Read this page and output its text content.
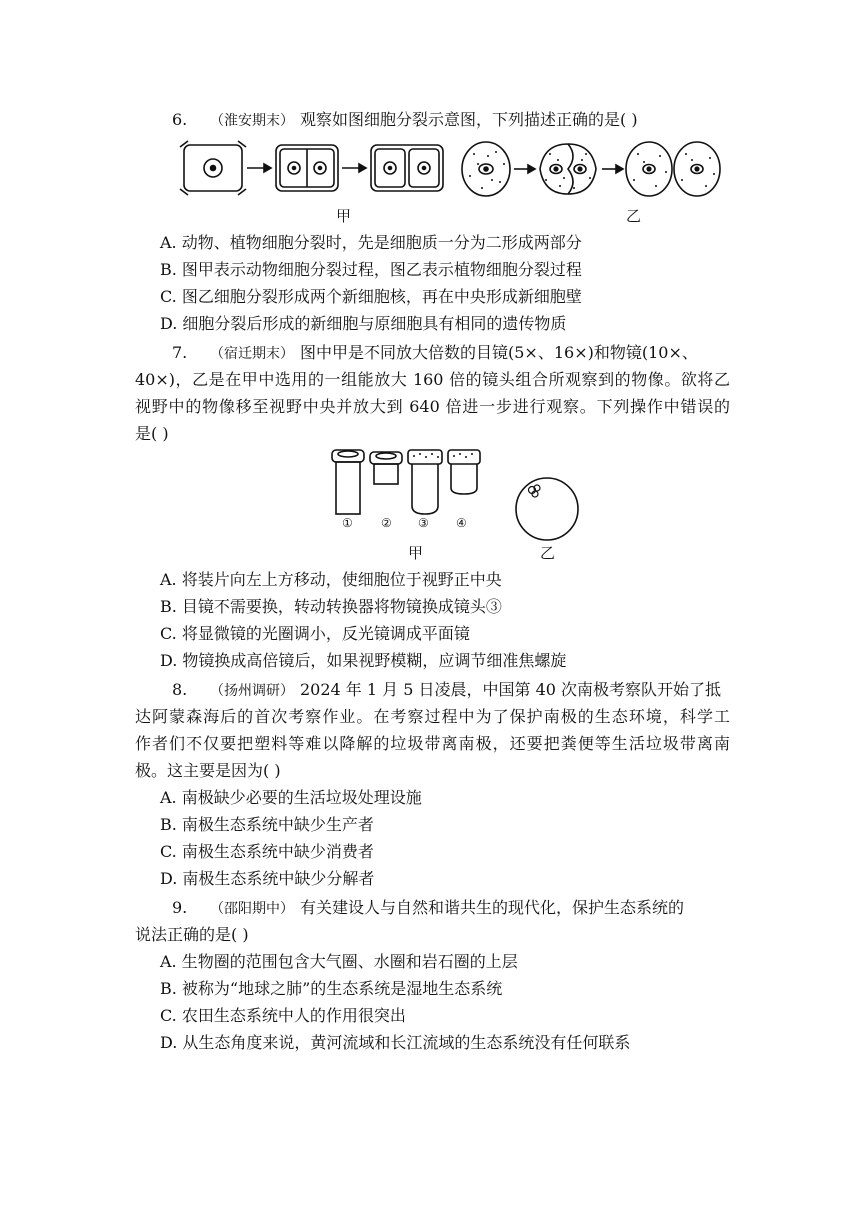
6. （淮安期末） 观察如图细胞分裂示意图，下列描述正确的是( )
甲	乙
A. 动物、植物细胞分裂时，先是细胞质一分为二形成两部分
B. 图甲表示动物细胞分裂过程，图乙表示植物细胞分裂过程
C. 图乙细胞分裂形成两个新细胞核，再在中央形成新细胞壁
D. 细胞分裂后形成的新细胞与原细胞具有相同的遗传物质
7. （宿迁期末） 图中甲是不同放大倍数的目镜(5×、16×)和物镜(10×、
40×)，乙是在甲中选用的一组能放大 160 倍的镜头组合所观察到的物像。欲将乙
视野中的物像移至视野中央并放大到 640 倍进一步进行观察。下列操作中错误的
是( )
① ② ③ ④
甲	乙
A. 将装片向左上方移动，使细胞位于视野正中央
B. 目镜不需要换，转动转换器将物镜换成镜头③
C. 将显微镜的光圈调小，反光镜调成平面镜
D. 物镜换成高倍镜后，如果视野模糊，应调节细准焦螺旋
8. （扬州调研） 2024 年 1 月 5 日凌晨，中国第 40 次南极考察队开始了抵
达阿蒙森海后的首次考察作业。在考察过程中为了保护南极的生态环境，科学工
作者们不仅要把塑料等难以降解的垃圾带离南极，还要把粪便等生活垃圾带离南
极。这主要是因为( )
A. 南极缺少必要的生活垃圾处理设施
B. 南极生态系统中缺少生产者
C. 南极生态系统中缺少消费者
D. 南极生态系统中缺少分解者
9. （邵阳期中） 有关建设人与自然和谐共生的现代化，保护生态系统的
说法正确的是( )
A. 生物圈的范围包含大气圈、水圈和岩石圈的上层
B. 被称为“地球之肺”的生态系统是湿地生态系统
C. 农田生态系统中人的作用很突出
D. 从生态角度来说，黄河流域和长江流域的生态系统没有任何联系
